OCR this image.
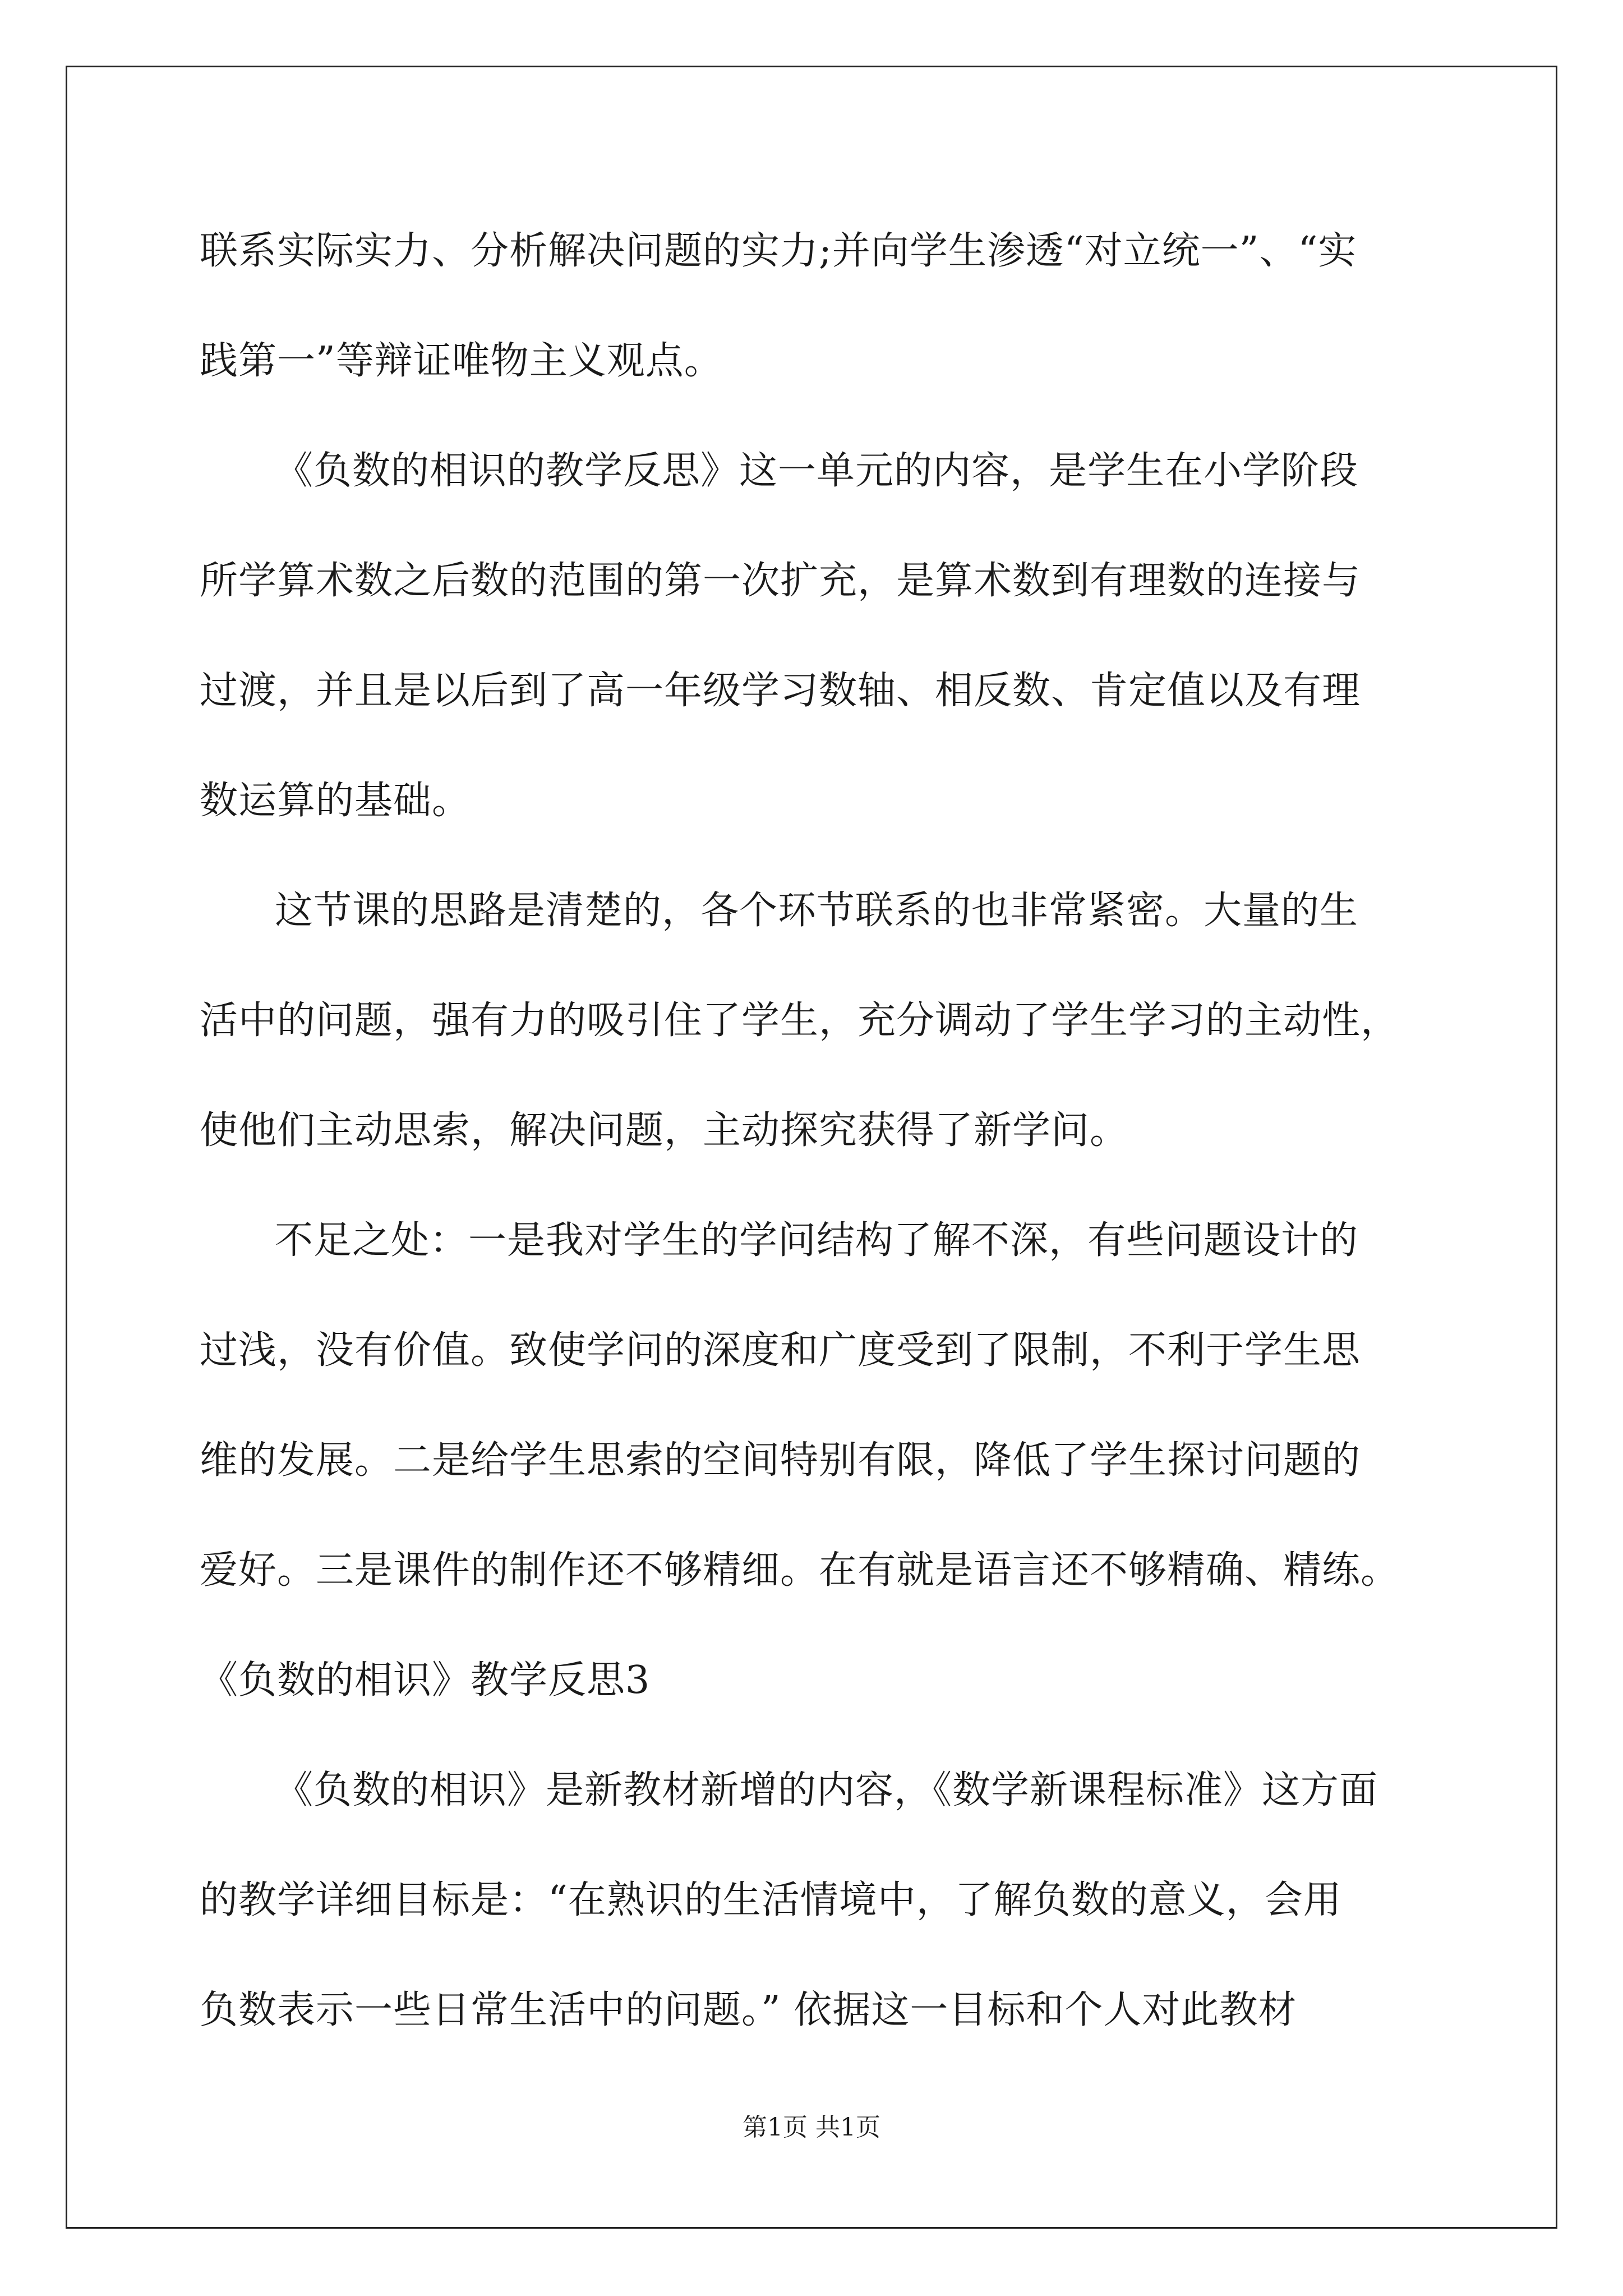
联系实际实力、分析解决问题的实力;并向学生渗透“对立统一”、“实
践第一”等辩证唯物主义观点。
《负数的相识的教学反思》这一单元的内容，是学生在小学阶段
所学算术数之后数的范围的第一次扩充，是算术数到有理数的连接与
过渡，并且是以后到了高一年级学习数轴、相反数、肯定值以及有理
数运算的基础。
这节课的思路是清楚的，各个环节联系的也非常紧密。大量的生
活中的问题，强有力的吸引住了学生，充分调动了学生学习的主动性，
使他们主动思索，解决问题，主动探究获得了新学问。
不足之处：一是我对学生的学问结构了解不深，有些问题设计的
过浅，没有价值。致使学问的深度和广度受到了限制，不利于学生思
维的发展。二是给学生思索的空间特别有限，降低了学生探讨问题的
爱好。三是课件的制作还不够精细。在有就是语言还不够精确、精练。
《负数的相识》教学反思3
《负数的相识》是新教材新增的内容，《数学新课程标准》这方面
的教学详细目标是：“在熟识的生活情境中，了解负数的意义，会用
负数表示一些日常生活中的问题。” 依据这一目标和个人对此教材
第1页 共1页
